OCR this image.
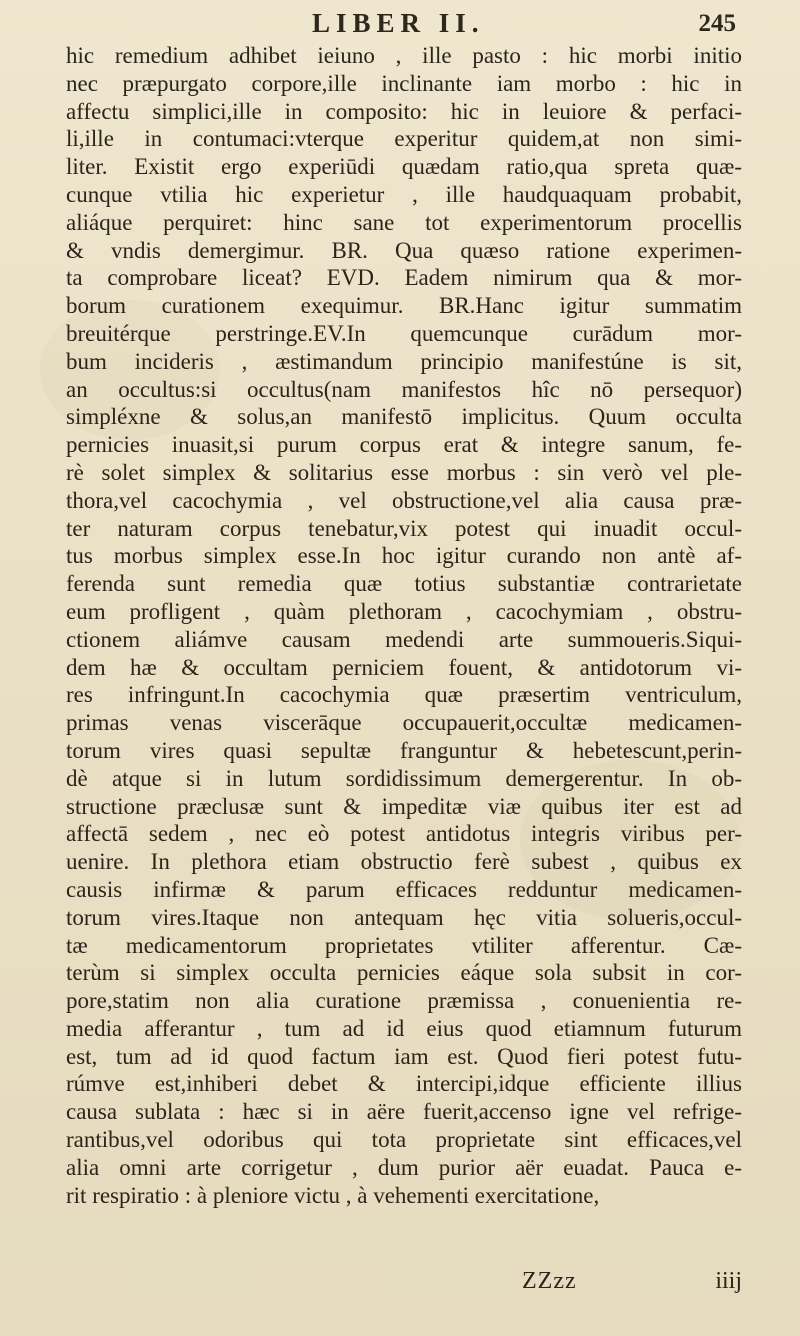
LIBER II.	245
hic remedium adhibet ieiuno , ille pasto : hic morbi initio
nec præpurgato corpore,ille inclinante iam morbo : hic in
affectu simplici,ille in composito: hic in leuiore & perfaci-
li,ille in contumaci:vterque experitur quidem,at non simi-
liter. Existit ergo experiūdi quædam ratio,qua spreta quæ-
cunque vtilia hic experietur , ille haudquaquam probabit,
aliáque perquiret: hinc sane tot experimentorum procellis
& vndis demergimur. BR. Qua quæso ratione experimen-
ta comprobare liceat? EVD. Eadem nimirum qua & mor-
borum curationem exequimur. BR.Hanc igitur summatim
breuitérque perstringe.EV.In quemcunque curādum mor-
bum incideris , æstimandum principio manifestúne is sit,
an occultus:si occultus(nam manifestos hîc nō persequor)
simpléxne & solus,an manifestō implicitus. Quum occulta
pernicies inuasit,si purum corpus erat & integre sanum, fe-
rè solet simplex & solitarius esse morbus : sin verò vel ple-
thora,vel cacochymia , vel obstructione,vel alia causa præ-
ter naturam corpus tenebatur,vix potest qui inuadit occul-
tus morbus simplex esse.In hoc igitur curando non antè af-
ferenda sunt remedia quæ totius substantiæ contrarietate
eum profligent , quàm plethoram , cacochymiam , obstru-
ctionem aliámve causam medendi arte summoueris.Siqui-
dem hæ & occultam perniciem fouent, & antidotorum vi-
res infringunt.In cacochymia quæ præsertim ventriculum,
primas venas viscerāque occupauerit,occultæ medicamen-
torum vires quasi sepultæ franguntur & hebetescunt,perin-
dè atque si in lutum sordidissimum demergerentur. In ob-
structione præclusæ sunt & impeditæ viæ quibus iter est ad
affectā sedem , nec eò potest antidotus integris viribus per-
uenire. In plethora etiam obstructio ferè subest , quibus ex
causis infirmæ & parum efficaces redduntur medicamen-
torum vires.Itaque non antequam hęc vitia solueris,occul-
tæ medicamentorum proprietates vtiliter afferentur. Cæ-
terùm si simplex occulta pernicies eáque sola subsit in cor-
pore,statim non alia curatione præmissa , conuenientia re-
media afferantur , tum ad id eius quod etiamnum futurum
est, tum ad id quod factum iam est. Quod fieri potest futu-
rúmve est,inhiberi debet & intercipi,idque efficiente illius
causa sublata : hæc si in aëre fuerit,accenso igne vel refrige-
rantibus,vel odoribus qui tota proprietate sint efficaces,vel
alia omni arte corrigetur , dum purior aër euadat. Pauca e-
rit respiratio : à pleniore victu , à vehementi exercitatione,
ZZzz	iiij
